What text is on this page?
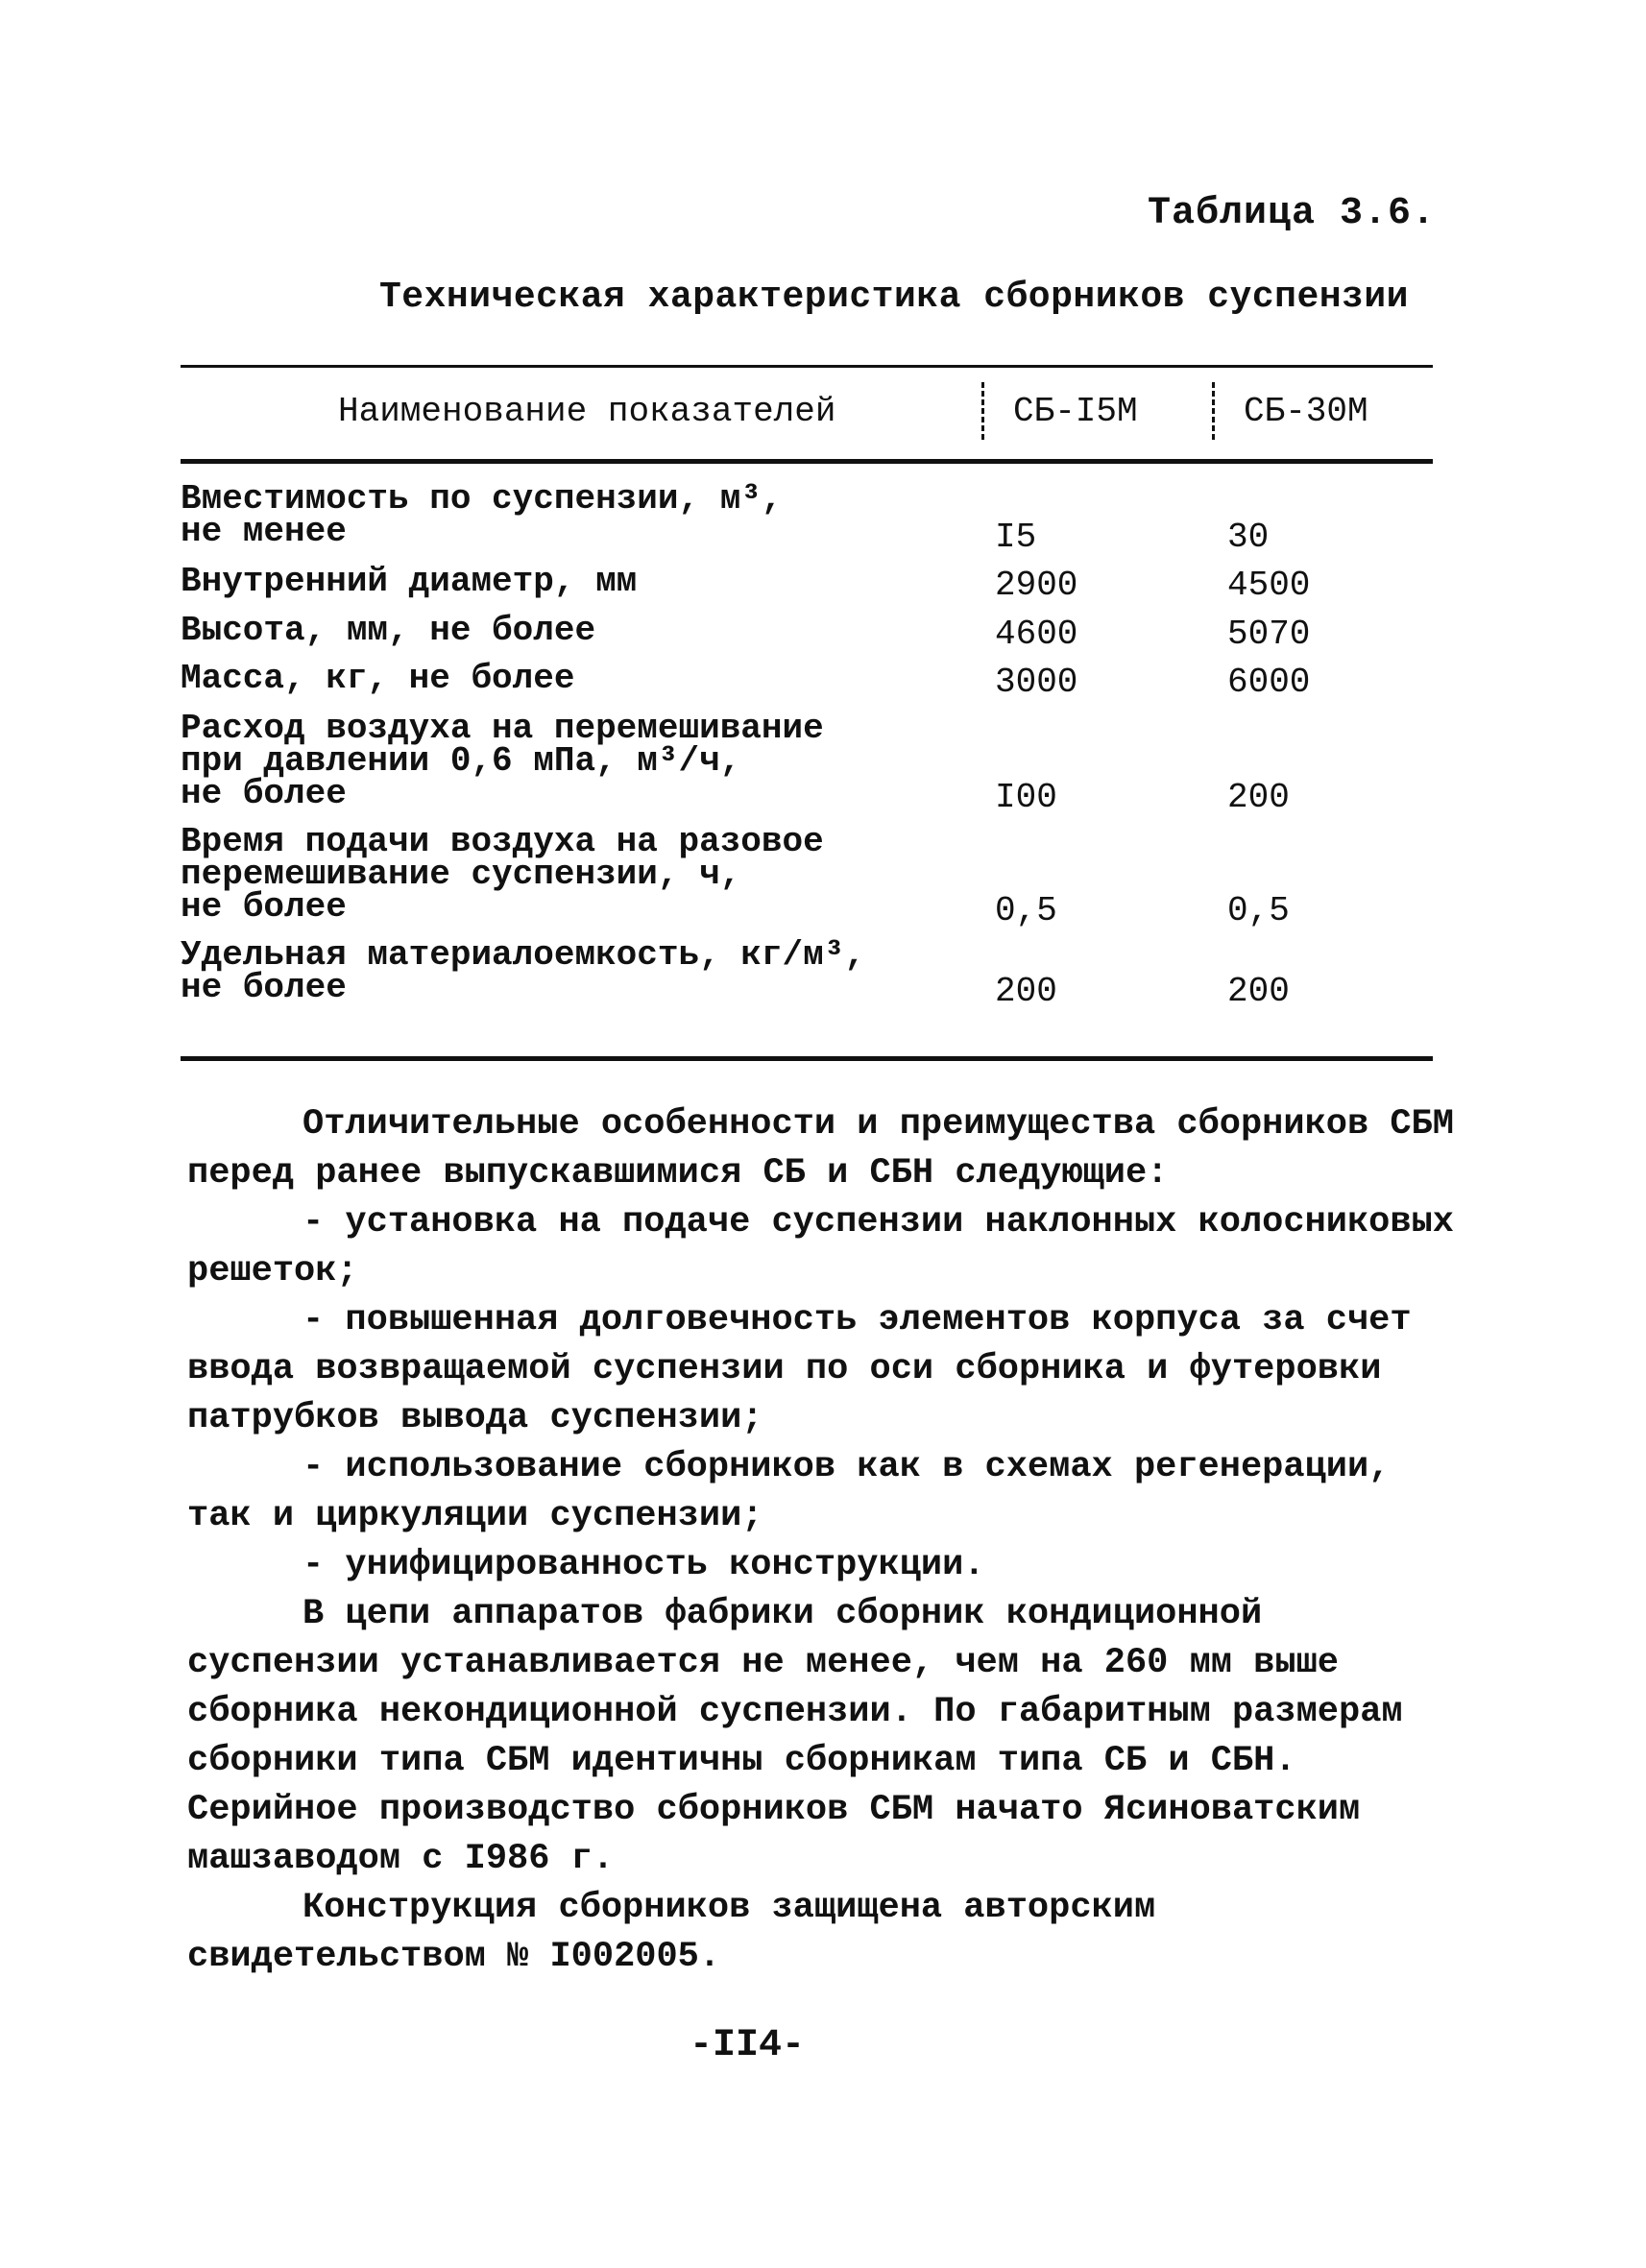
Таблица 3.6.
Техническая характеристика сборников суспензии
Наименование показателей	СБ-I5М	СБ-30М
Вместимость по суспензии, м³,
не менее	I5	30
Внутренний диаметр, мм	2900	4500
Высота, мм, не более	4600	5070
Масса, кг, не более	3000	6000
Расход воздуха на перемешивание
при давлении 0,6 мПа, м³/ч,
не более	I00	200
Время подачи воздуха на разовое
перемешивание суспензии, ч,
не более	0,5	0,5
Удельная материалоемкость, кг/м³,
не более	200	200

Отличительные особенности и преимущества сборников СБМ перед ранее выпускавшимися СБ и СБН следующие:

- установка на подаче суспензии наклонных колосниковых решеток;

- повышенная долговечность элементов корпуса за счет ввода возвращаемой суспензии по оси сборника и футеровки патрубков вывода суспензии;

- использование сборников как в схемах регенерации, так и циркуляции суспензии;

- унифицированность конструкции.

В цепи аппаратов фабрики сборник кондиционной суспензии устанавливается не менее, чем на 260 мм выше сборника некондиционной суспензии. По габаритным размерам сборники типа СБМ идентичны сборникам типа СБ и СБН. Серийное производство сборников СБМ начато Ясиноватским машзаводом с I986 г.

Конструкция сборников защищена авторским свидетельством № I002005.

-II4-
